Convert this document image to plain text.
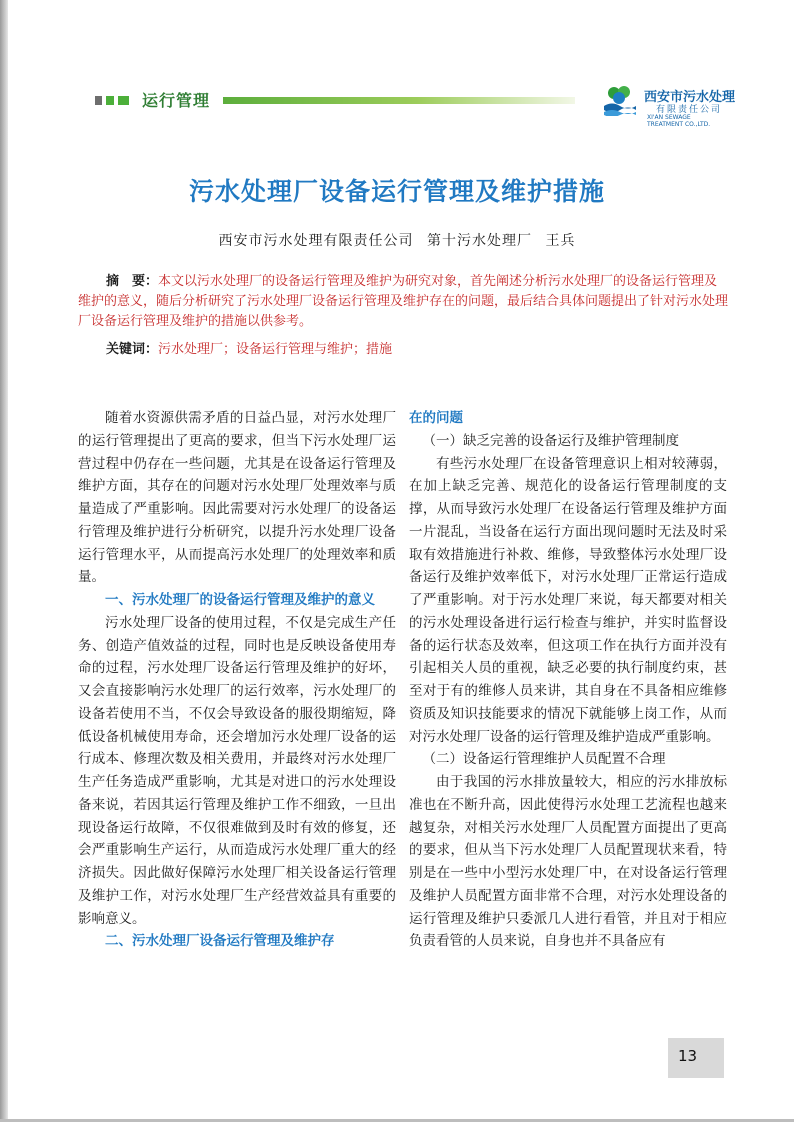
运行管理	西安市污水处理
有限责任公司
XI'AN SEWAGE
TREATMENT CO.,LTD.
污水处理厂设备运行管理及维护措施
西安市污水处理有限责任公司 第十污水处理厂 王兵
摘　要：本文以污水处理厂的设备运行管理及维护为研究对象，首先阐述分析污水处理厂的设备运行管理及维护的意义，随后分析研究了污水处理厂设备运行管理及维护存在的问题，最后结合具体问题提出了针对污水处理厂设备运行管理及维护的措施以供参考。
关键词：污水处理厂；设备运行管理与维护；措施

随着水资源供需矛盾的日益凸显，对污水处理厂的运行管理提出了更高的要求，但当下污水处理厂运营过程中仍存在一些问题，尤其是在设备运行管理及维护方面，其存在的问题对污水处理厂处理效率与质量造成了严重影响。因此需要对污水处理厂的设备运行管理及维护进行分析研究，以提升污水处理厂设备运行管理水平，从而提高污水处理厂的处理效率和质量。

一、污水处理厂的设备运行管理及维护的意义

污水处理厂设备的使用过程，不仅是完成生产任务、创造产值效益的过程，同时也是反映设备使用寿命的过程，污水处理厂设备运行管理及维护的好坏，又会直接影响污水处理厂的运行效率，污水处理厂的设备若使用不当，不仅会导致设备的服役期缩短，降低设备机械使用寿命，还会增加污水处理厂设备的运行成本、修理次数及相关费用，并最终对污水处理厂生产任务造成严重影响，尤其是对进口的污水处理设备来说，若因其运行管理及维护工作不细致，一旦出现设备运行故障，不仅很难做到及时有效的修复，还会严重影响生产运行，从而造成污水处理厂重大的经济损失。因此做好保障污水处理厂相关设备运行管理及维护工作，对污水处理厂生产经营效益具有重要的影响意义。

二、污水处理厂设备运行管理及维护存
在的问题
（一）缺乏完善的设备运行及维护管理制度

有些污水处理厂在设备管理意识上相对较薄弱，在加上缺乏完善、规范化的设备运行管理制度的支撑，从而导致污水处理厂在设备运行管理及维护方面一片混乱，当设备在运行方面出现问题时无法及时采取有效措施进行补救、维修，导致整体污水处理厂设备运行及维护效率低下，对污水处理厂正常运行造成了严重影响。对于污水处理厂来说，每天都要对相关的污水处理设备进行运行检查与维护，并实时监督设备的运行状态及效率，但这项工作在执行方面并没有引起相关人员的重视，缺乏必要的执行制度约束，甚至对于有的维修人员来讲，其自身在不具备相应维修资质及知识技能要求的情况下就能够上岗工作，从而对污水处理厂设备的运行管理及维护造成严重影响。

（二）设备运行管理维护人员配置不合理

由于我国的污水排放量较大，相应的污水排放标准也在不断升高，因此使得污水处理工艺流程也越来越复杂，对相关污水处理厂人员配置方面提出了更高的要求，但从当下污水处理厂人员配置现状来看，特别是在一些中小型污水处理厂中，在对设备运行管理及维护人员配置方面非常不合理，对污水处理设备的运行管理及维护只委派几人进行看管，并且对于相应负责看管的人员来说，自身也并不具备应有

13
